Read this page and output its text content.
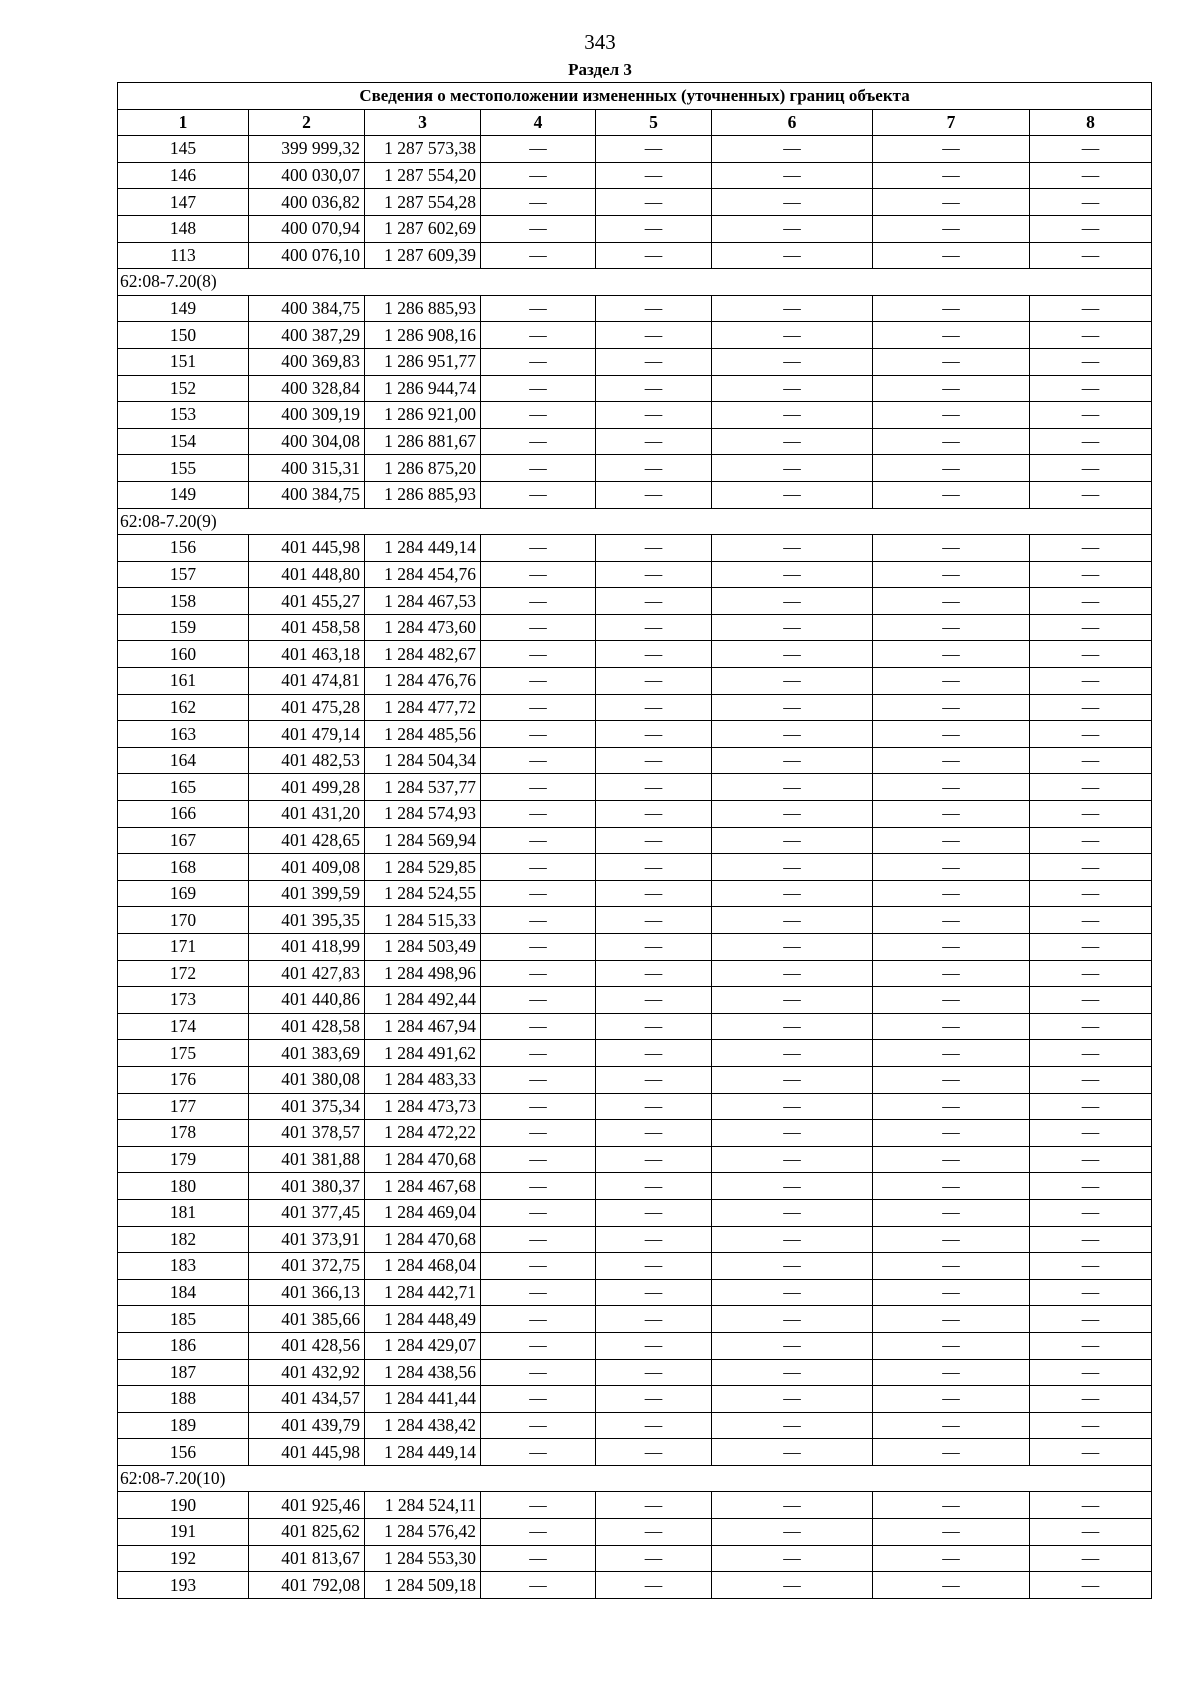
343
Раздел 3
Сведения о местоположении измененных (уточненных) границ объекта							
1	2	3	4	5	6	7	8
145	399 999,32	1 287 573,38	—	—	—	—	—
146	400 030,07	1 287 554,20	—	—	—	—	—
147	400 036,82	1 287 554,28	—	—	—	—	—
148	400 070,94	1 287 602,69	—	—	—	—	—
113	400 076,10	1 287 609,39	—	—	—	—	—
62:08-7.20(8)							
149	400 384,75	1 286 885,93	—	—	—	—	—
150	400 387,29	1 286 908,16	—	—	—	—	—
151	400 369,83	1 286 951,77	—	—	—	—	—
152	400 328,84	1 286 944,74	—	—	—	—	—
153	400 309,19	1 286 921,00	—	—	—	—	—
154	400 304,08	1 286 881,67	—	—	—	—	—
155	400 315,31	1 286 875,20	—	—	—	—	—
149	400 384,75	1 286 885,93	—	—	—	—	—
62:08-7.20(9)							
156	401 445,98	1 284 449,14	—	—	—	—	—
157	401 448,80	1 284 454,76	—	—	—	—	—
158	401 455,27	1 284 467,53	—	—	—	—	—
159	401 458,58	1 284 473,60	—	—	—	—	—
160	401 463,18	1 284 482,67	—	—	—	—	—
161	401 474,81	1 284 476,76	—	—	—	—	—
162	401 475,28	1 284 477,72	—	—	—	—	—
163	401 479,14	1 284 485,56	—	—	—	—	—
164	401 482,53	1 284 504,34	—	—	—	—	—
165	401 499,28	1 284 537,77	—	—	—	—	—
166	401 431,20	1 284 574,93	—	—	—	—	—
167	401 428,65	1 284 569,94	—	—	—	—	—
168	401 409,08	1 284 529,85	—	—	—	—	—
169	401 399,59	1 284 524,55	—	—	—	—	—
170	401 395,35	1 284 515,33	—	—	—	—	—
171	401 418,99	1 284 503,49	—	—	—	—	—
172	401 427,83	1 284 498,96	—	—	—	—	—
173	401 440,86	1 284 492,44	—	—	—	—	—
174	401 428,58	1 284 467,94	—	—	—	—	—
175	401 383,69	1 284 491,62	—	—	—	—	—
176	401 380,08	1 284 483,33	—	—	—	—	—
177	401 375,34	1 284 473,73	—	—	—	—	—
178	401 378,57	1 284 472,22	—	—	—	—	—
179	401 381,88	1 284 470,68	—	—	—	—	—
180	401 380,37	1 284 467,68	—	—	—	—	—
181	401 377,45	1 284 469,04	—	—	—	—	—
182	401 373,91	1 284 470,68	—	—	—	—	—
183	401 372,75	1 284 468,04	—	—	—	—	—
184	401 366,13	1 284 442,71	—	—	—	—	—
185	401 385,66	1 284 448,49	—	—	—	—	—
186	401 428,56	1 284 429,07	—	—	—	—	—
187	401 432,92	1 284 438,56	—	—	—	—	—
188	401 434,57	1 284 441,44	—	—	—	—	—
189	401 439,79	1 284 438,42	—	—	—	—	—
156	401 445,98	1 284 449,14	—	—	—	—	—
62:08-7.20(10)							
190	401 925,46	1 284 524,11	—	—	—	—	—
191	401 825,62	1 284 576,42	—	—	—	—	—
192	401 813,67	1 284 553,30	—	—	—	—	—
193	401 792,08	1 284 509,18	—	—	—	—	—
